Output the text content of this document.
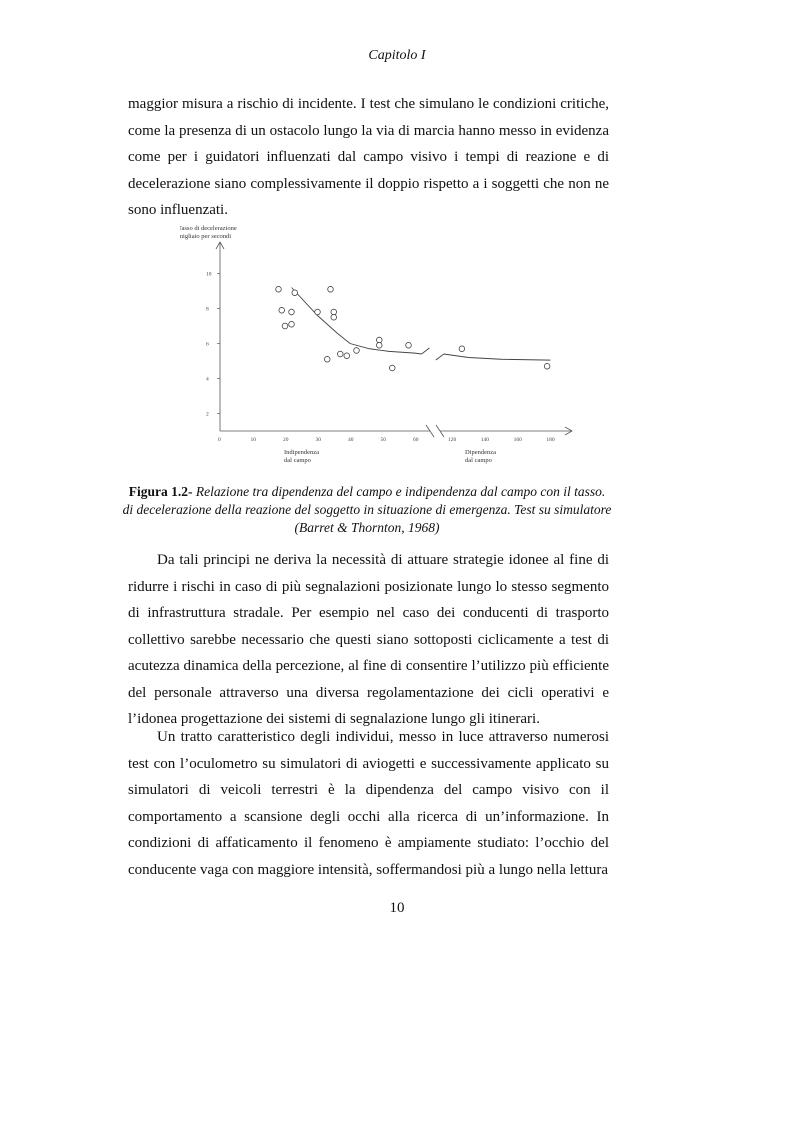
Capitolo I

maggior misura a rischio di incidente. I test che simulano le condizioni critiche, come la presenza di un ostacolo lungo la via di marcia hanno messo in evidenza come per i guidatori influenzati dal campo visivo i tempi di reazione e di decelerazione siano complessivamente il doppio rispetto a i soggetti che non ne sono influenzati.

Tasso di decelerazione
migliaio per secondi
2
4
6
8
10
0	10	20	30	40	50	60	120	140	160	180
Indipendenza
dal campo
Dipendenza
dal campo
Figura 1.2- Relazione tra dipendenza del campo e indipendenza dal campo con il tasso. di decelerazione della reazione del soggetto in situazione di emergenza. Test su simulatore (Barret & Thornton, 1968)

Da tali principi ne deriva la necessità di attuare strategie idonee al fine di ridurre i rischi in caso di più segnalazioni posizionate lungo lo stesso segmento di infrastruttura stradale. Per esempio nel caso dei conducenti di trasporto collettivo sarebbe necessario che questi siano sottoposti ciclicamente a test di acutezza dinamica della percezione, al fine di consentire l’utilizzo più efficiente del personale attraverso una diversa regolamentazione dei cicli operativi e l’idonea progettazione dei sistemi di segnalazione lungo gli itinerari.

Un tratto caratteristico degli individui, messo in luce attraverso numerosi test con l’oculometro su simulatori di aviogetti e successivamente applicato su simulatori di veicoli terrestri è la dipendenza del campo visivo con il comportamento a scansione degli occhi alla ricerca di un’informazione. In condizioni di affaticamento il fenomeno è ampiamente studiato: l’occhio del conducente vaga con maggiore intensità, soffermandosi più a lungo nella lettura

10
